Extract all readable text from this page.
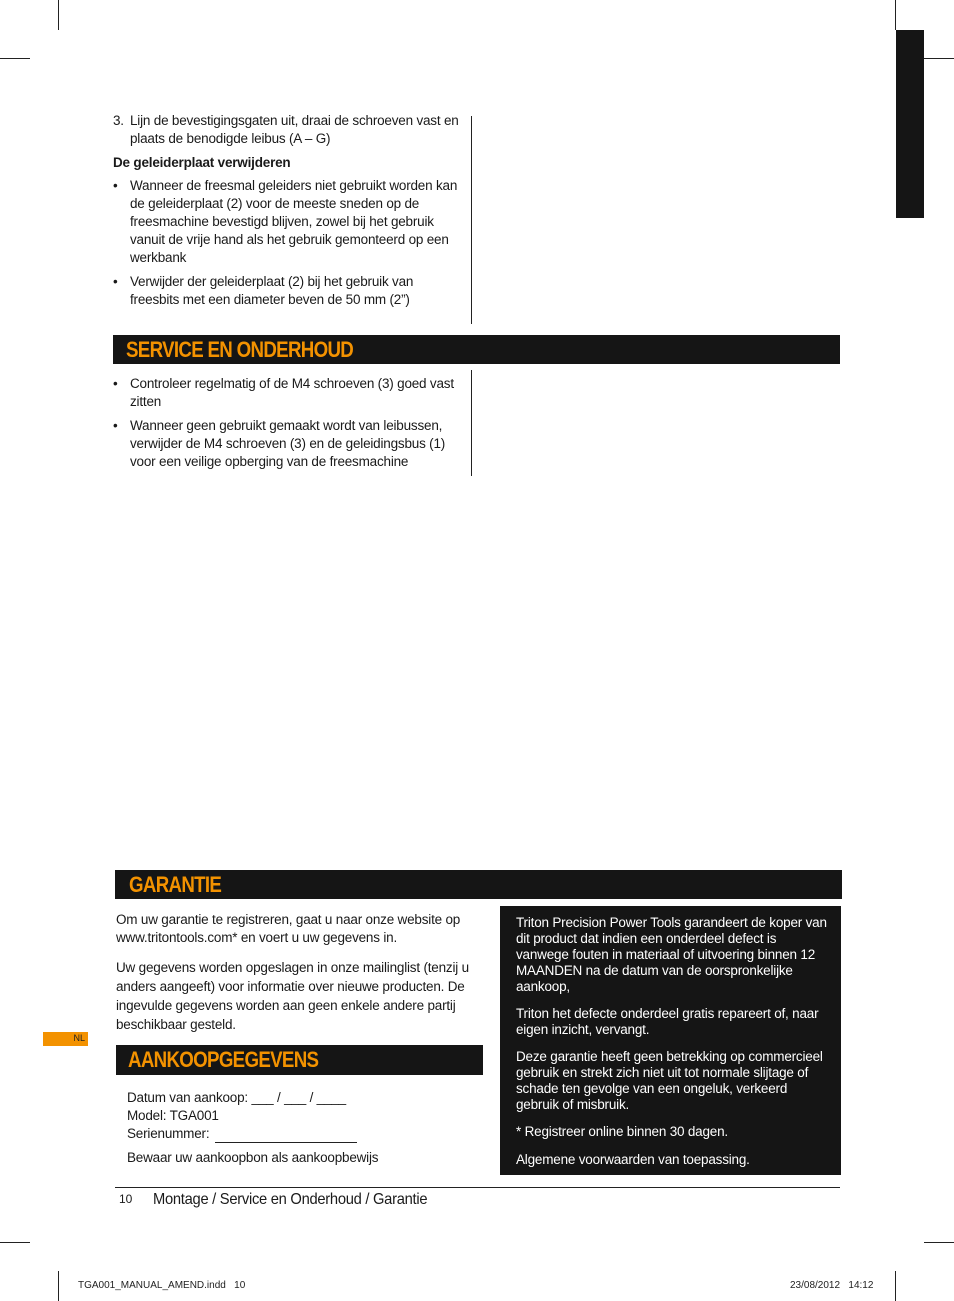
3. Lijn de bevestigingsgaten uit, draai de schroeven vast en plaats de benodigde leibus (A – G)
De geleiderplaat verwijderen
• Wanneer de freesmal geleiders niet gebruikt worden kan de geleiderplaat (2) voor de meeste sneden op de freesmachine bevestigd blijven, zowel bij het gebruik vanuit de vrije hand als het gebruik gemonteerd op een werkbank
• Verwijder der geleiderplaat (2) bij het gebruik van freesbits met een diameter beven de 50 mm (2”)
SERVICE EN ONDERHOUD
• Controleer regelmatig of de M4 schroeven (3) goed vast zitten
• Wanneer geen gebruikt gemaakt wordt van leibussen, verwijder de M4 schroeven (3) en de geleidingsbus (1) voor een veilige opberging van de freesmachine
GARANTIE
Om uw garantie te registreren, gaat u naar onze website op www.tritontools.com* en voert u uw gegevens in.
Uw gegevens worden opgeslagen in onze mailinglist (tenzij u anders aangeeft) voor informatie over nieuwe producten. De ingevulde gegevens worden aan geen enkele andere partij beschikbaar gesteld.
NL
AANKOOPGEGEVENS
Datum van aankoop: ___ / ___ / ____
Model: TGA001
Serienummer:
Bewaar uw aankoopbon als aankoopbewijs

Triton Precision Power Tools garandeert de koper van dit product dat indien een onderdeel defect is vanwege fouten in materiaal of uitvoering binnen 12 MAANDEN na de datum van de oorspronkelijke aankoop,

Triton het defecte onderdeel gratis repareert of, naar eigen inzicht, vervangt.

Deze garantie heeft geen betrekking op commercieel gebruik en strekt zich niet uit tot normale slijtage of schade ten gevolge van een ongeluk, verkeerd gebruik of misbruik.

* Registreer online binnen 30 dagen.

Algemene voorwaarden van toepassing.

10 Montage / Service en Onderhoud / Garantie
TGA001_MANUAL_AMEND.indd   10	23/08/2012   14:12
